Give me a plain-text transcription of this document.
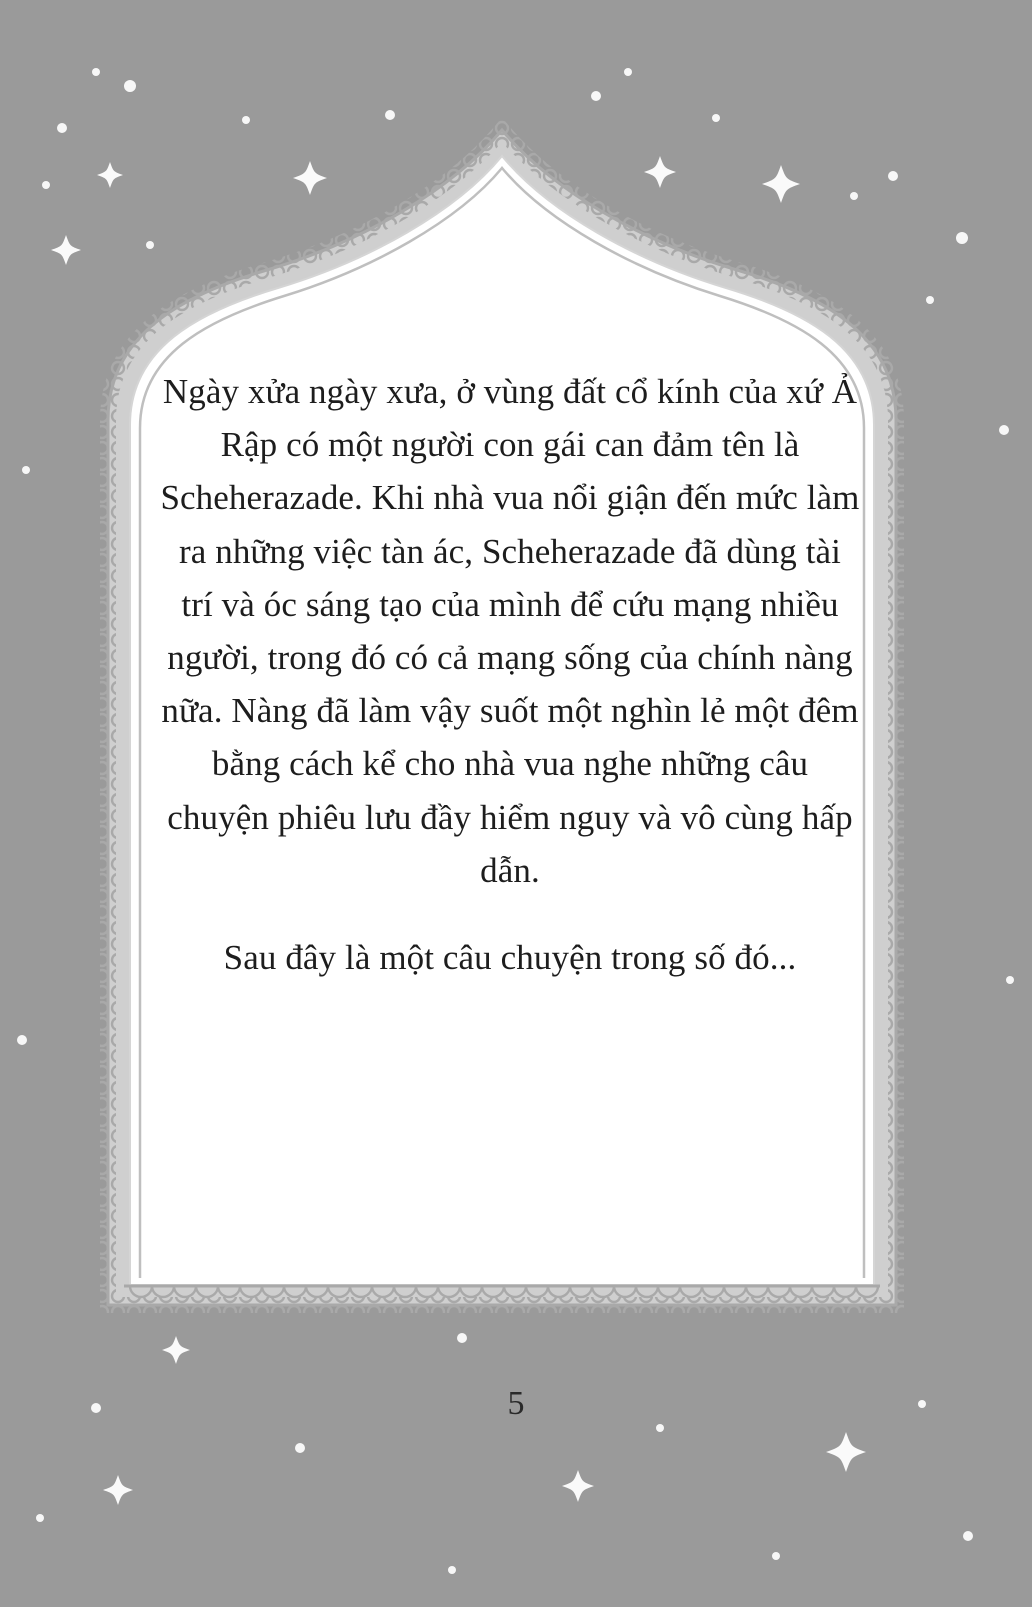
Ngày xửa ngày xưa, ở vùng đất cổ kính của xứ Ả Rập có một người con gái can đảm tên là Scheherazade. Khi nhà vua nổi giận đến mức làm ra những việc tàn ác, Scheherazade đã dùng tài trí và óc sáng tạo của mình để cứu mạng nhiều người, trong đó có cả mạng sống của chính nàng nữa. Nàng đã làm vậy suốt một nghìn lẻ một đêm bằng cách kể cho nhà vua nghe những câu chuyện phiêu lưu đầy hiểm nguy và vô cùng hấp dẫn.

Sau đây là một câu chuyện trong số đó...

5
